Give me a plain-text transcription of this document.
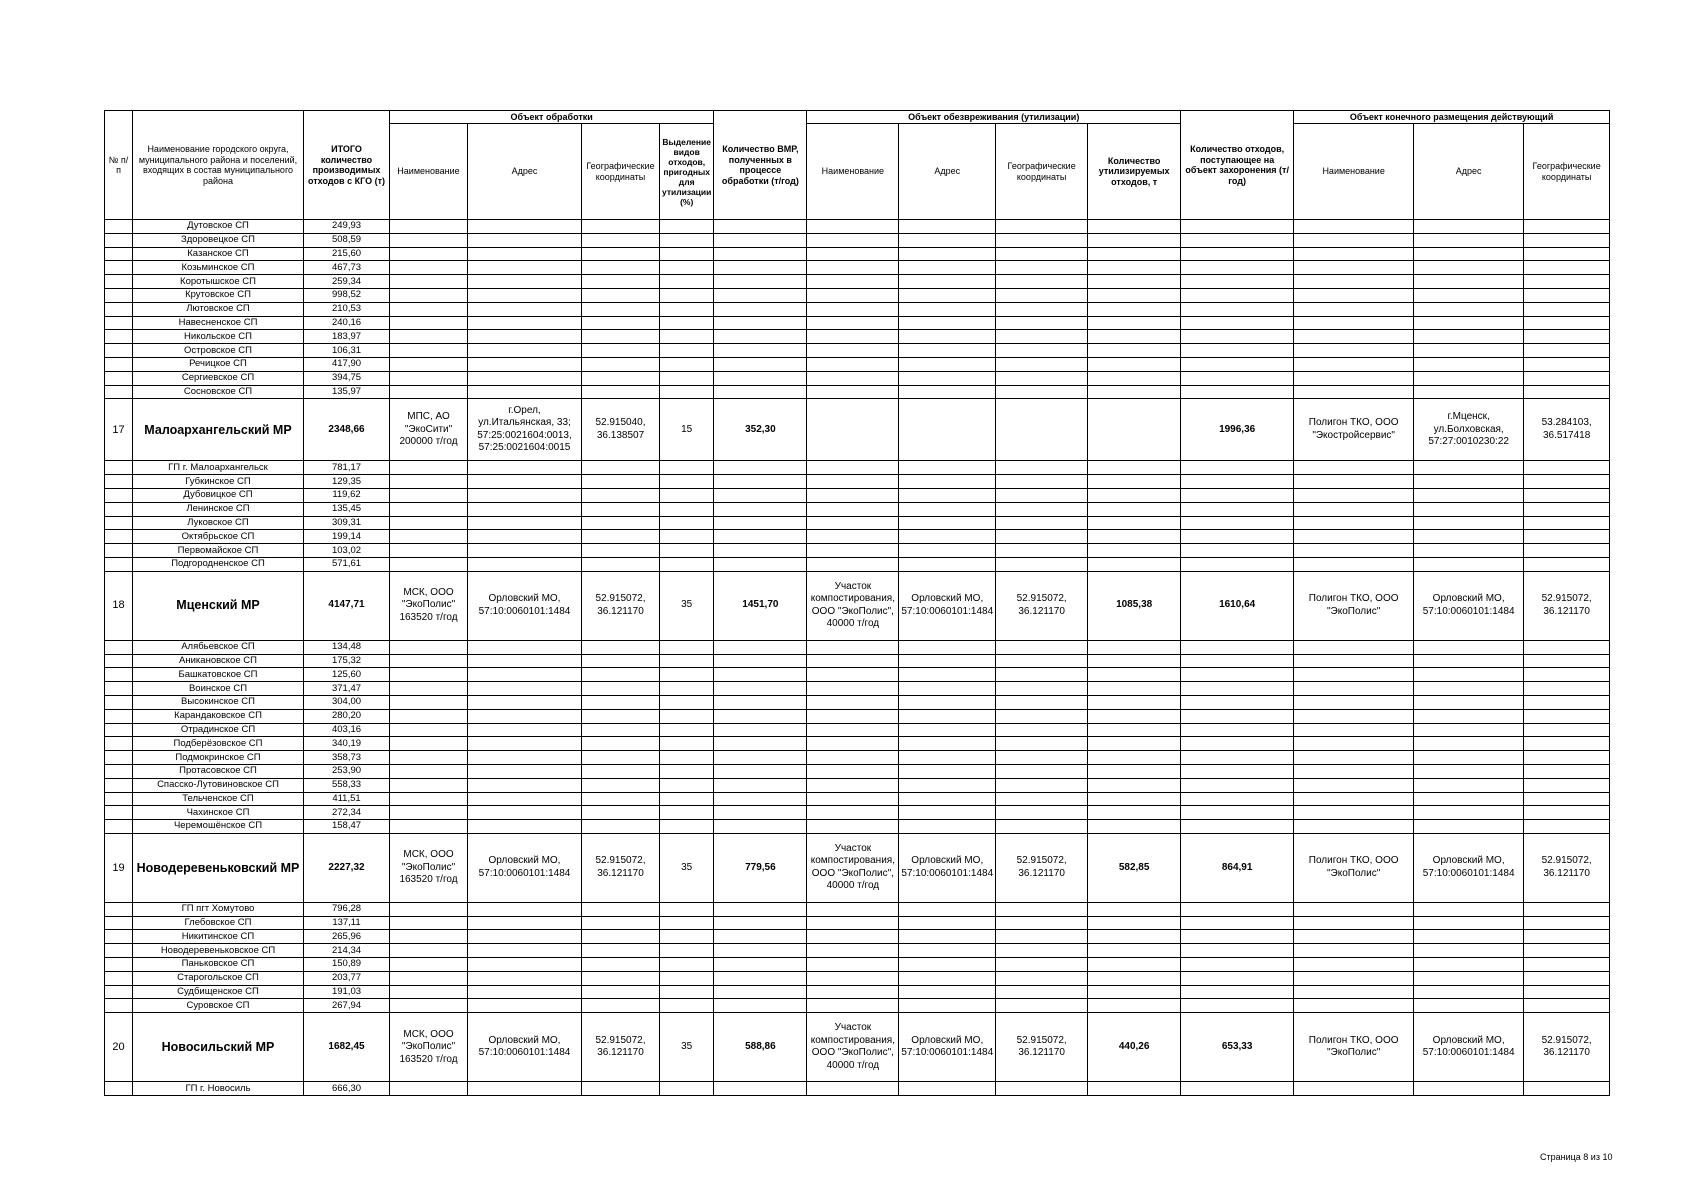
№ п/п	Наименование городского округа, муниципального района и поселений, входящих в состав муниципального района	ИТОГО количество производимых отходов с КГО (т)	Объект обработки				Количество ВМР, полученных в процессе обработки (т/год)	Объект обезвреживания (утилизации)				Количество отходов, поступающее на объект захоронения (т/год)	Объект конечного размещения действующий		
			Наименование	Адрес	Географические координаты	Выделение видов отходов, пригодных для утилизации (%)		Наименование	Адрес	Географические координаты	Количество утилизируемых отходов, т		Наименование	Адрес	Географические координаты
	Дутовское СП	249,93													
	Здоровецкое СП	508,59													
	Казанское СП	215,60													
	Козьминское СП	467,73													
	Коротышское СП	259,34													
	Крутовское СП	998,52													
	Лютовское СП	210,53													
	Навесненское СП	240,16													
	Никольское СП	183,97													
	Островское СП	106,31													
	Речицкое СП	417,90													
	Сергиевское СП	394,75													
	Сосновское СП	135,97													
17	Малоархангельский МР	2348,66	МПС, АО "ЭкоСити" 200000 т/год	г.Орел, ул.Итальянская, 33; 57:25:0021604:0013, 57:25:0021604:0015	52.915040, 36.138507	15	352,30					1996,36	Полигон ТКО, ООО "Экостройсервис"	г.Мценск, ул.Болховская, 57:27:0010230:22	53.284103, 36.517418
	ГП г. Малоархангельск	781,17													
	Губкинское СП	129,35													
	Дубовицкое СП	119,62													
	Ленинское СП	135,45													
	Луковское СП	309,31													
	Октябрьское СП	199,14													
	Первомайское СП	103,02													
	Подгородненское СП	571,61													
18	Мценский МР	4147,71	МСК, ООО "ЭкоПолис" 163520 т/год	Орловский МО, 57:10:0060101:1484	52.915072, 36.121170	35	1451,70	Участок компостирования, ООО "ЭкоПолис", 40000 т/год	Орловский МО, 57:10:0060101:1484	52.915072, 36.121170	1085,38	1610,64	Полигон ТКО, ООО "ЭкоПолис"	Орловский МО, 57:10:0060101:1484	52.915072, 36.121170
	Алябьевское СП	134,48													
	Аникановское СП	175,32													
	Башкатовское СП	125,60													
	Воинское СП	371,47													
	Высокинское СП	304,00													
	Карандаковское СП	280,20													
	Отрадинское СП	403,16													
	Подберёзовское СП	340,19													
	Подмокринское СП	358,73													
	Протасовское СП	253,90													
	Спасско-Лутовиновское СП	558,33													
	Тельченское СП	411,51													
	Чахинское СП	272,34													
	Черемошёнское СП	158,47													
19	Новодеревеньковский МР	2227,32	МСК, ООО "ЭкоПолис" 163520 т/год	Орловский МО, 57:10:0060101:1484	52.915072, 36.121170	35	779,56	Участок компостирования, ООО "ЭкоПолис", 40000 т/год	Орловский МО, 57:10:0060101:1484	52.915072, 36.121170	582,85	864,91	Полигон ТКО, ООО "ЭкоПолис"	Орловский МО, 57:10:0060101:1484	52.915072, 36.121170
	ГП пгт Хомутово	796,28													
	Глебовское СП	137,11													
	Никитинское СП	265,96													
	Новодеревеньковское СП	214,34													
	Паньковское СП	150,89													
	Старогольское СП	203,77													
	Судбищенское СП	191,03													
	Суровское СП	267,94													
20	Новосильский МР	1682,45	МСК, ООО "ЭкоПолис" 163520 т/год	Орловский МО, 57:10:0060101:1484	52.915072, 36.121170	35	588,86	Участок компостирования, ООО "ЭкоПолис", 40000 т/год	Орловский МО, 57:10:0060101:1484	52.915072, 36.121170	440,26	653,33	Полигон ТКО, ООО "ЭкоПолис"	Орловский МО, 57:10:0060101:1484	52.915072, 36.121170
	ГП г. Новосиль	666,30													
Страница 8 из 10
